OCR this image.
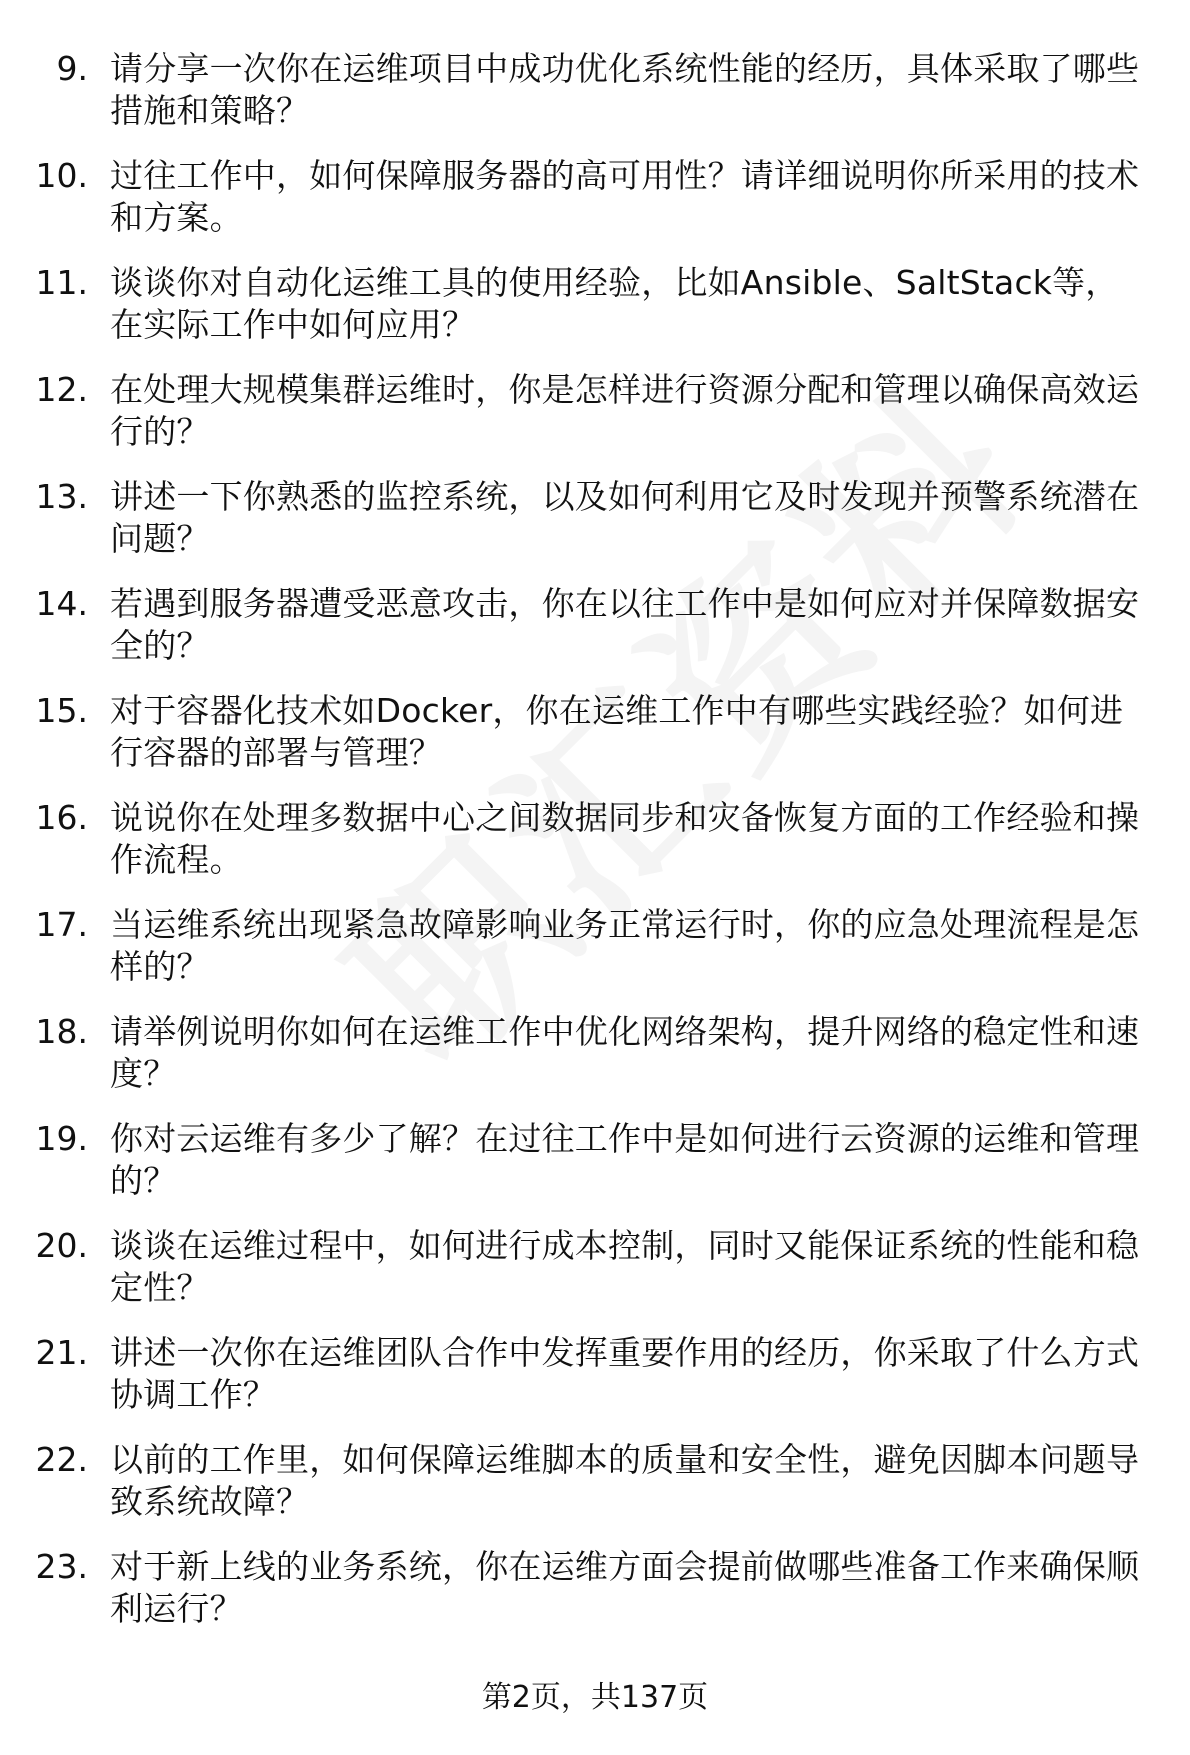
9. 请分享一次你在运维项目中成功优化系统性能的经历，具体采取了哪些措施和策略？
10. 过往工作中，如何保障服务器的高可用性？请详细说明你所采用的技术和方案。
11. 谈谈你对自动化运维工具的使用经验，比如Ansible、SaltStack等，在实际工作中如何应用？
12. 在处理大规模集群运维时，你是怎样进行资源分配和管理以确保高效运行的？
13. 讲述一下你熟悉的监控系统，以及如何利用它及时发现并预警系统潜在问题？
14. 若遇到服务器遭受恶意攻击，你在以往工作中是如何应对并保障数据安全的？
15. 对于容器化技术如Docker，你在运维工作中有哪些实践经验？如何进行容器的部署与管理？
16. 说说你在处理多数据中心之间数据同步和灾备恢复方面的工作经验和操作流程。
17. 当运维系统出现紧急故障影响业务正常运行时，你的应急处理流程是怎样的？
18. 请举例说明你如何在运维工作中优化网络架构，提升网络的稳定性和速度？
19. 你对云运维有多少了解？在过往工作中是如何进行云资源的运维和管理的？
20. 谈谈在运维过程中，如何进行成本控制，同时又能保证系统的性能和稳定性？
21. 讲述一次你在运维团队合作中发挥重要作用的经历，你采取了什么方式协调工作？
22. 以前的工作里，如何保障运维脚本的质量和安全性，避免因脚本问题导致系统故障？
23. 对于新上线的业务系统，你在运维方面会提前做哪些准备工作来确保顺利运行？
第2页，共137页
